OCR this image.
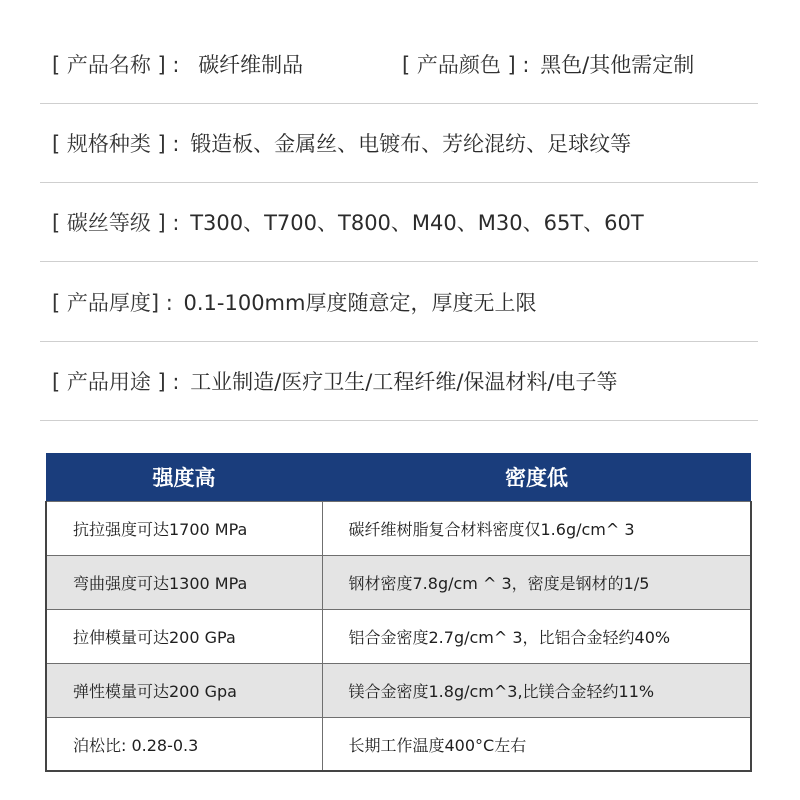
[ 产品名称 ] : 碳纤维制品	[ 产品颜色 ] : 黑色/其他需定制
[ 规格种类 ] : 锻造板、金属丝、电镀布、芳纶混纺、足球纹等
[ 碳丝等级 ] : T300、T700、T800、M40、M30、65T、60T
[ 产品厚度] : 0.1-100mm厚度随意定，厚度无上限
[ 产品用途 ] : 工业制造/医疗卫生/工程纤维/保温材料/电子等
强度高	密度低
抗拉强度可达1700 MPa	碳纤维树脂复合材料密度仅1.6g/cm^ 3
弯曲强度可达1300 MPa	钢材密度7.8g/cm ^ 3，密度是钢材的1/5
拉伸模量可达200 GPa	铝合金密度2.7g/cm^ 3，比铝合金轻约40%
弹性模量可达200 Gpa	镁合金密度1.8g/cm^3,比镁合金轻约11%
泊松比: 0.28-0.3	长期工作温度400°C左右
